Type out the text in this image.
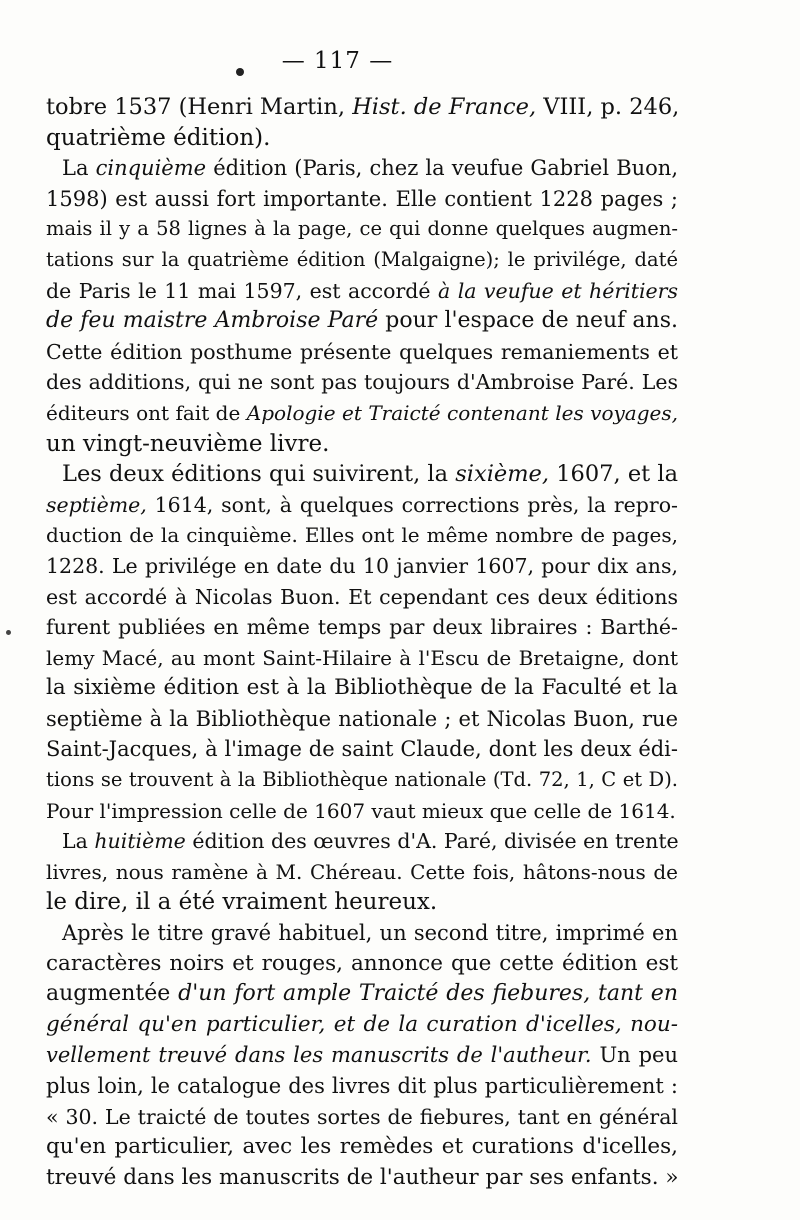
— 117 —
tobre 1537 (Henri Martin, Hist. de France, VIII, p. 246,
quatrième édition).
La cinquième édition (Paris, chez la veufue Gabriel Buon,
1598) est aussi fort importante. Elle contient 1228 pages ;
mais il y a 58 lignes à la page, ce qui donne quelques augmen-
tations sur la quatrième édition (Malgaigne); le privilége, daté
de Paris le 11 mai 1597, est accordé à la veufue et héritiers
de feu maistre Ambroise Paré pour l'espace de neuf ans.
Cette édition posthume présente quelques remaniements et
des additions, qui ne sont pas toujours d'Ambroise Paré. Les
éditeurs ont fait de Apologie et Traicté contenant les voyages,
un vingt-neuvième livre.
Les deux éditions qui suivirent, la sixième, 1607, et la
septième, 1614, sont, à quelques corrections près, la repro-
duction de la cinquième. Elles ont le même nombre de pages,
1228. Le privilége en date du 10 janvier 1607, pour dix ans,
est accordé à Nicolas Buon. Et cependant ces deux éditions
furent publiées en même temps par deux libraires : Barthé-
lemy Macé, au mont Saint-Hilaire à l'Escu de Bretaigne, dont
la sixième édition est à la Bibliothèque de la Faculté et la
septième à la Bibliothèque nationale ; et Nicolas Buon, rue
Saint-Jacques, à l'image de saint Claude, dont les deux édi-
tions se trouvent à la Bibliothèque nationale (Td. 72, 1, C et D).
Pour l'impression celle de 1607 vaut mieux que celle de 1614.
La huitième édition des œuvres d'A. Paré, divisée en trente
livres, nous ramène à M. Chéreau. Cette fois, hâtons-nous de
le dire, il a été vraiment heureux.
Après le titre gravé habituel, un second titre, imprimé en
caractères noirs et rouges, annonce que cette édition est
augmentée d'un fort ample Traicté des fiebures, tant en
général qu'en particulier, et de la curation d'icelles, nou-
vellement treuvé dans les manuscrits de l'autheur. Un peu
plus loin, le catalogue des livres dit plus particulièrement :
« 30. Le traicté de toutes sortes de fiebures, tant en général
qu'en particulier, avec les remèdes et curations d'icelles,
treuvé dans les manuscrits de l'autheur par ses enfants. »
